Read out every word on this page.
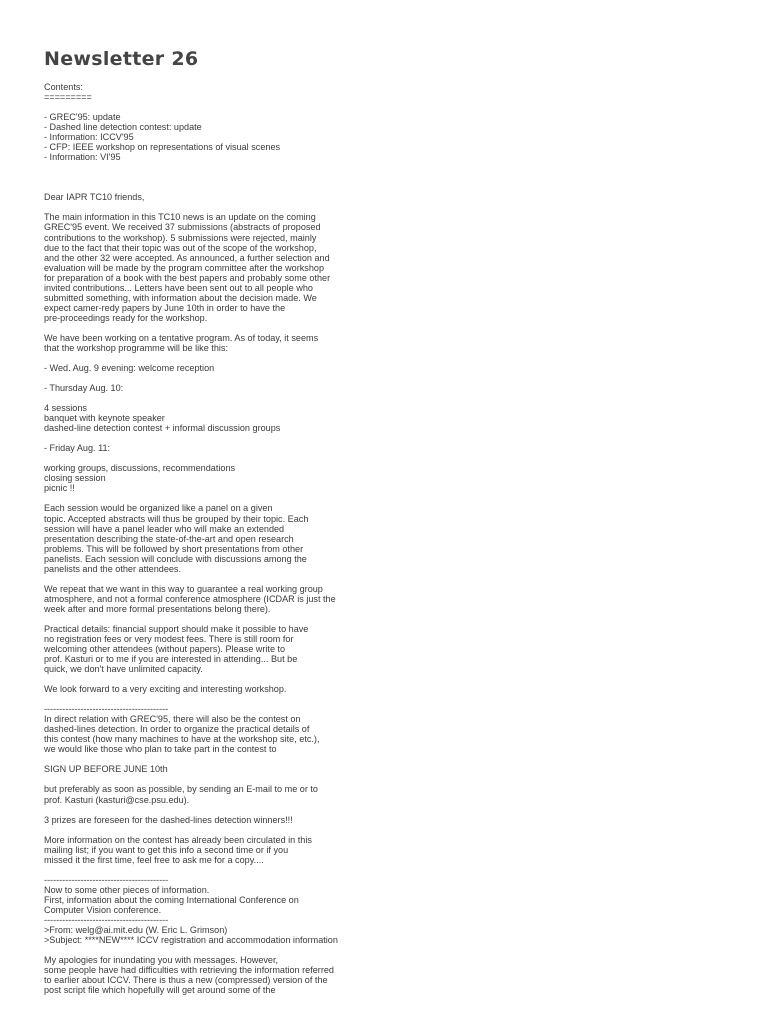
Newsletter 26
Contents:
=========
- GREC'95: update
- Dashed line detection contest: update
- Information: ICCV'95
- CFP: IEEE workshop on representations of visual scenes
- Information: VI'95
Dear IAPR TC10 friends,
The main information in this TC10 news is an update on the coming
GREC'95 event. We received 37 submissions (abstracts of proposed
contributions to the workshop). 5 submissions were rejected, mainly
due to the fact that their topic was out of the scope of the workshop,
and the other 32 were accepted. As announced, a further selection and
evaluation will be made by the program committee after the workshop
for preparation of a book with the best papers and probably some other
invited contributions... Letters have been sent out to all people who
submitted something, with information about the decision made. We
expect camer-redy papers by June 10th in order to have the
pre-proceedings ready for the workshop.
We have been working on a tentative program. As of today, it seems
that the workshop programme will be like this:
- Wed. Aug. 9 evening: welcome reception
- Thursday Aug. 10:
4 sessions
banquet with keynote speaker
dashed-line detection contest + informal discussion groups
- Friday Aug. 11:
working groups, discussions, recommendations
closing session
picnic !!
Each session would be organized like a panel on a given
topic. Accepted abstracts will thus be grouped by their topic. Each
session will have a panel leader who will make an extended
presentation describing the state-of-the-art and open research
problems. This will be followed by short presentations from other
panelists. Each session will conclude with discussions among the
panelists and the other attendees.
We repeat that we want in this way to guarantee a real working group
atmosphere, and not a formal conference atmosphere (ICDAR is just the
week after and more formal presentations belong there).
Practical details: financial support should make it possible to have
no registration fees or very modest fees. There is still room for
welcoming other attendees (without papers). Please write to
prof. Kasturi or to me if you are interested in attending... But be
quick, we don't have unlimited capacity.
We look forward to a very exciting and interesting workshop.
-----------------------------------------
In direct relation with GREC'95, there will also be the contest on
dashed-lines detection. In order to organize the practical details of
this contest (how many machines to have at the workshop site, etc.),
we would like those who plan to take part in the contest to
SIGN UP BEFORE JUNE 10th
but preferably as soon as possible, by sending an E-mail to me or to
prof. Kasturi (kasturi@cse.psu.edu).
3 prizes are foreseen for the dashed-lines detection winners!!!
More information on the contest has already been circulated in this
mailing list; if you want to get this info a second time or if you
missed it the first time, feel free to ask me for a copy....
-----------------------------------------
Now to some other pieces of information.
First, information about the coming International Conference on
Computer Vision conference.
-----------------------------------------
>From: welg@ai.mit.edu (W. Eric L. Grimson)
>Subject: ****NEW**** ICCV registration and accommodation information
My apologies for inundating you with messages. However,
some people have had difficulties with retrieving the information referred
to earlier about ICCV. There is thus a new (compressed) version of the
post script file which hopefully will get around some of the
